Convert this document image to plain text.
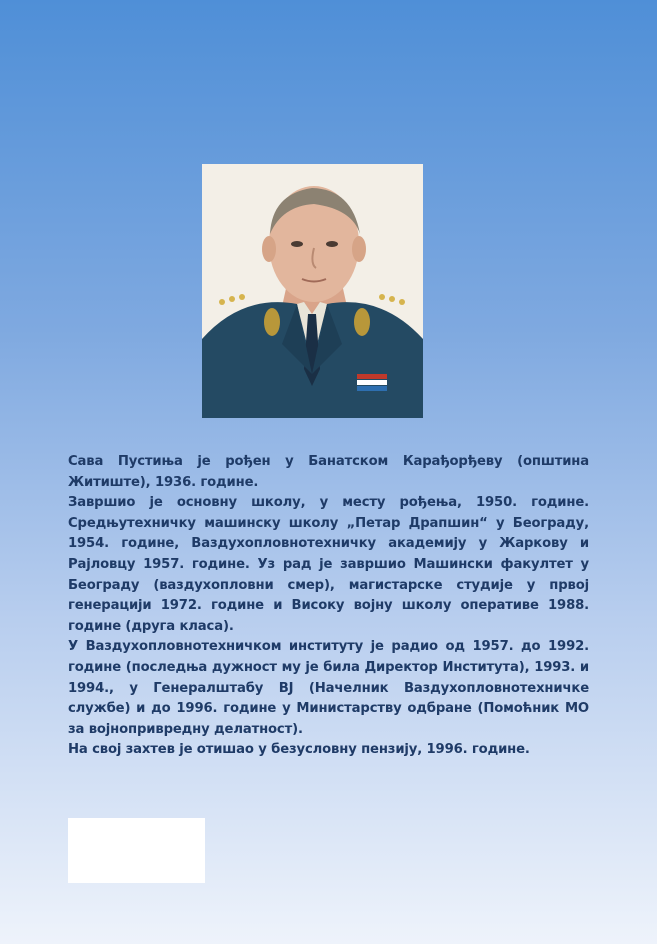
Сава Пустиња је рођен у Банатском Карађорђеву (општина Житиште), 1936. године.

Завршио је основну школу, у месту рођења, 1950. године. Средњутехничку машинску школу „Петар Драпшин“ у Београду, 1954. године, Ваздухопловнотехничку академију у Жаркову и Рајловцу 1957. године. Уз рад је завршио Машински факултет у Београду (ваздухопловни смер), магистарске студије у првој генерацији 1972. године и Високу војну школу оперативе 1988. године (друга класа).

У Ваздухопловнотехничком институту је радио од 1957. до 1992. године (последња дужност му је била Директор Института), 1993. и 1994., у Генералштабу ВЈ (Начелник Ваздухопловнотехничке службе) и до 1996. године у Министарству одбране (Помоћник МО за војнопривредну делатност).

На свој захтев је отишао у безусловну пензију, 1996. године.
